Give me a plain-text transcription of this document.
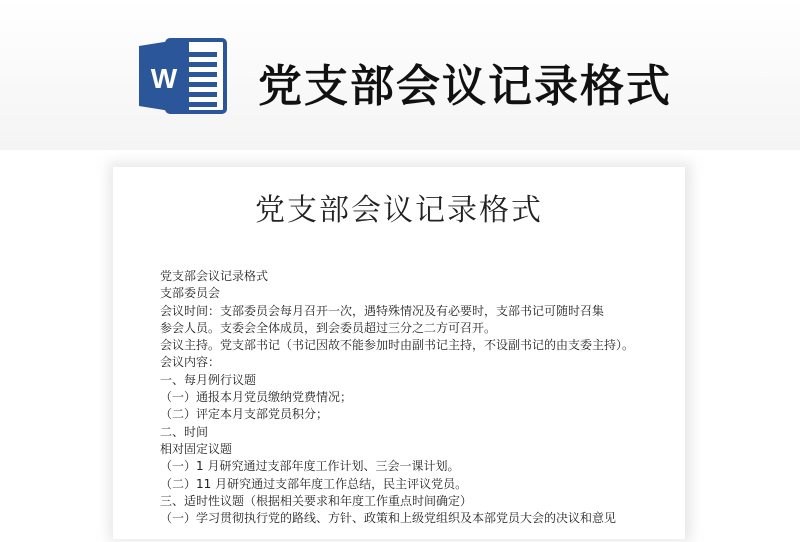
W 党支部会议记录格式
党支部会议记录格式
党支部会议记录格式
支部委员会
会议时间：支部委员会每月召开一次，遇特殊情况及有必要时，支部书记可随时召集
参会人员。支委会全体成员，到会委员超过三分之二方可召开。
会议主持。党支部书记（书记因故不能参加时由副书记主持，不设副书记的由支委主持）。
会议内容：
一、每月例行议题
（一）通报本月党员缴纳党费情况；
（二）评定本月支部党员积分；
二、时间
相对固定议题
（一）1 月研究通过支部年度工作计划、三会一课计划。
（二）11 月研究通过支部年度工作总结，民主评议党员。
三、适时性议题（根据相关要求和年度工作重点时间确定）
（一）学习贯彻执行党的路线、方针、政策和上级党组织及本部党员大会的决议和意见
